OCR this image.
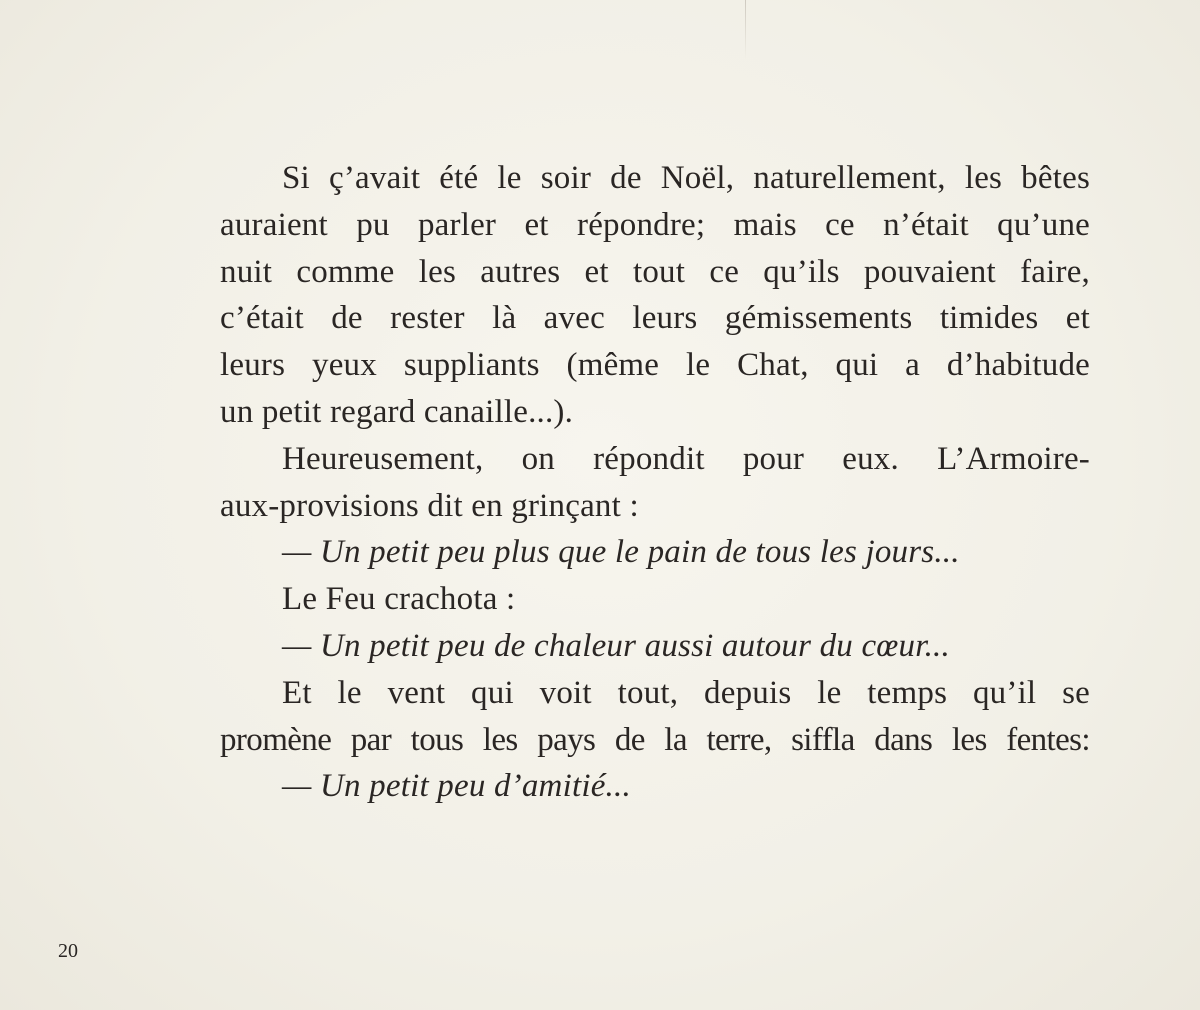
Si ç’avait été le soir de Noël, naturellement, les bêtes
auraient pu parler et répondre; mais ce n’était qu’une
nuit comme les autres et tout ce qu’ils pouvaient faire,
c’était de rester là avec leurs gémissements timides et
leurs yeux suppliants (même le Chat, qui a d’habitude
un petit regard canaille...).
Heureusement, on répondit pour eux. L’Armoire-
aux-provisions dit en grinçant :
— Un petit peu plus que le pain de tous les jours...
Le Feu crachota :
— Un petit peu de chaleur aussi autour du cœur...
Et le vent qui voit tout, depuis le temps qu’il se
promène par tous les pays de la terre, siffla dans les fentes:
— Un petit peu d’amitié...
20
